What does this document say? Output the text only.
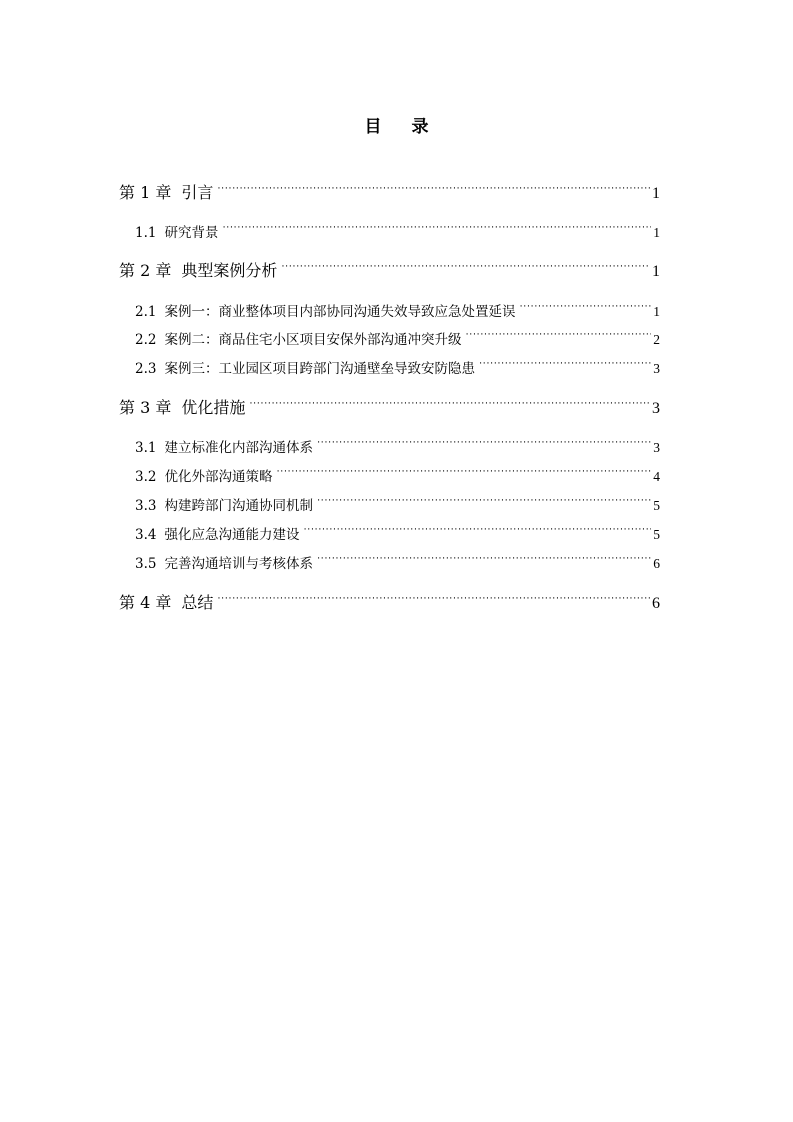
目 录
第 1 章 引言 ·····	1
1.1 研究背景 ·····	1
第 2 章 典型案例分析 ·····	1
2.1 案例一：商业整体项目内部协同沟通失效导致应急处置延误 ·····	1
2.2 案例二：商品住宅小区项目安保外部沟通冲突升级 ·····	2
2.3 案例三：工业园区项目跨部门沟通壁垒导致安防隐患 ·····	3
第 3 章 优化措施 ·····	3
3.1 建立标准化内部沟通体系 ·····	3
3.2 优化外部沟通策略 ·····	4
3.3 构建跨部门沟通协同机制 ·····	5
3.4 强化应急沟通能力建设 ·····	5
3.5 完善沟通培训与考核体系 ·····	6
第 4 章 总结 ·····	6
